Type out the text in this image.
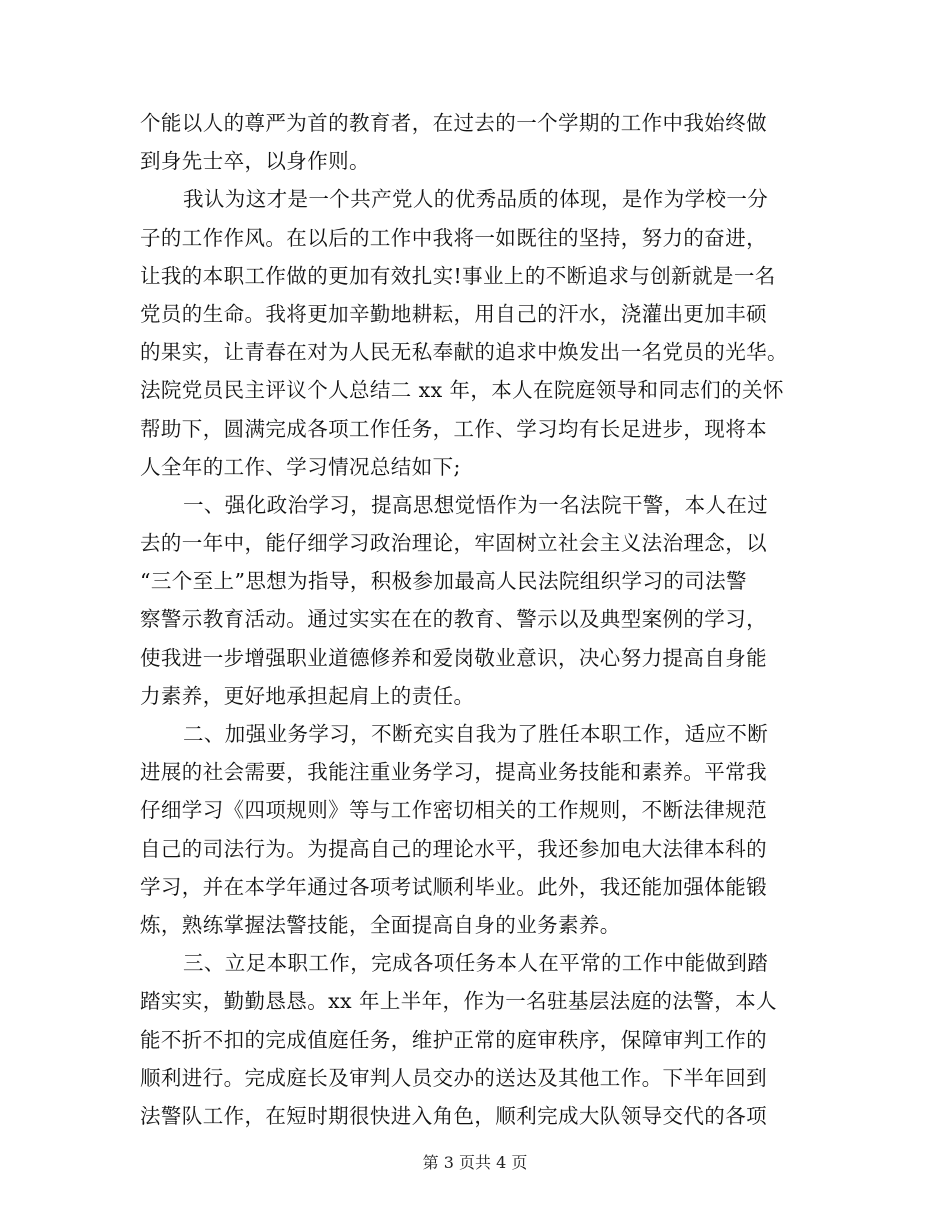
个能以人的尊严为首的教育者，在过去的一个学期的工作中我始终做
到身先士卒，以身作则。
我认为这才是一个共产党人的优秀品质的体现，是作为学校一分
子的工作作风。在以后的工作中我将一如既往的坚持，努力的奋进，
让我的本职工作做的更加有效扎实!事业上的不断追求与创新就是一名
党员的生命。我将更加辛勤地耕耘，用自己的汗水，浇灌出更加丰硕
的果实，让青春在对为人民无私奉献的追求中焕发出一名党员的光华。
法院党员民主评议个人总结二 xx 年，本人在院庭领导和同志们的关怀
帮助下，圆满完成各项工作任务，工作、学习均有长足进步，现将本
人全年的工作、学习情况总结如下;
一、强化政治学习，提高思想觉悟作为一名法院干警，本人在过
去的一年中，能仔细学习政治理论，牢固树立社会主义法治理念，以
“三个至上”思想为指导，积极参加最高人民法院组织学习的司法警
察警示教育活动。通过实实在在的教育、警示以及典型案例的学习，
使我进一步增强职业道德修养和爱岗敬业意识，决心努力提高自身能
力素养，更好地承担起肩上的责任。
二、加强业务学习，不断充实自我为了胜任本职工作，适应不断
进展的社会需要，我能注重业务学习，提高业务技能和素养。平常我
仔细学习《四项规则》等与工作密切相关的工作规则，不断法律规范
自己的司法行为。为提高自己的理论水平，我还参加电大法律本科的
学习，并在本学年通过各项考试顺利毕业。此外，我还能加强体能锻
炼，熟练掌握法警技能，全面提高自身的业务素养。
三、立足本职工作，完成各项任务本人在平常的工作中能做到踏
踏实实，勤勤恳恳。xx 年上半年，作为一名驻基层法庭的法警，本人
能不折不扣的完成值庭任务，维护正常的庭审秩序，保障审判工作的
顺利进行。完成庭长及审判人员交办的送达及其他工作。下半年回到
法警队工作，在短时期很快进入角色，顺利完成大队领导交代的各项
第 3 页共 4 页
